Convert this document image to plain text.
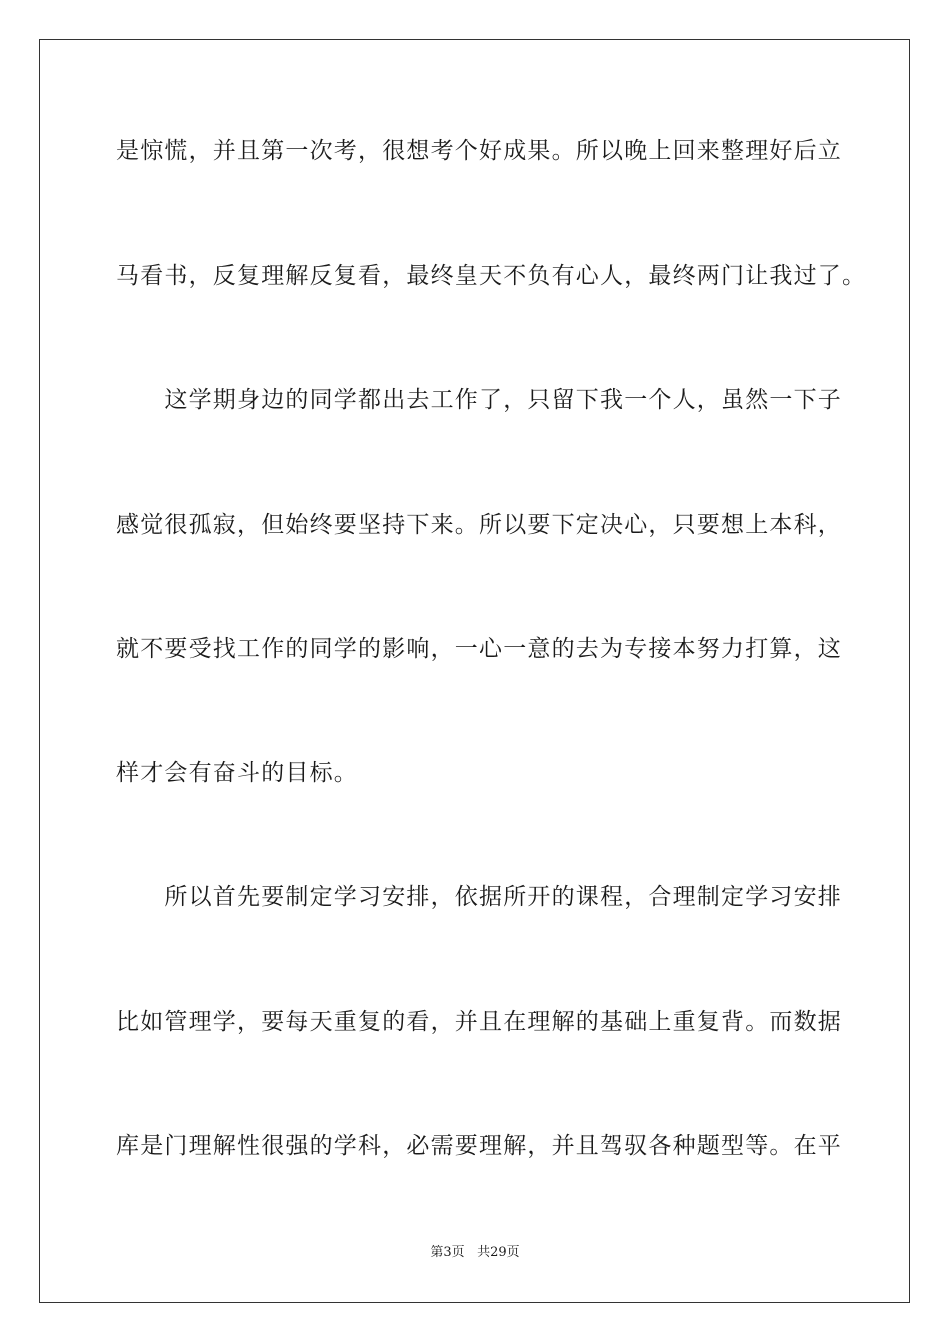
是惊慌，并且第一次考，很想考个好成果。所以晚上回来整理好后立
马看书，反复理解反复看，最终皇天不负有心人，最终两门让我过了。
　　这学期身边的同学都出去工作了，只留下我一个人，虽然一下子
感觉很孤寂，但始终要坚持下来。所以要下定决心，只要想上本科，
就不要受找工作的同学的影响，一心一意的去为专接本努力打算，这
样才会有奋斗的目标。
　　所以首先要制定学习安排，依据所开的课程，合理制定学习安排
比如管理学，要每天重复的看，并且在理解的基础上重复背。而数据
库是门理解性很强的学科，必需要理解，并且驾驭各种题型等。在平
第3页 共29页
